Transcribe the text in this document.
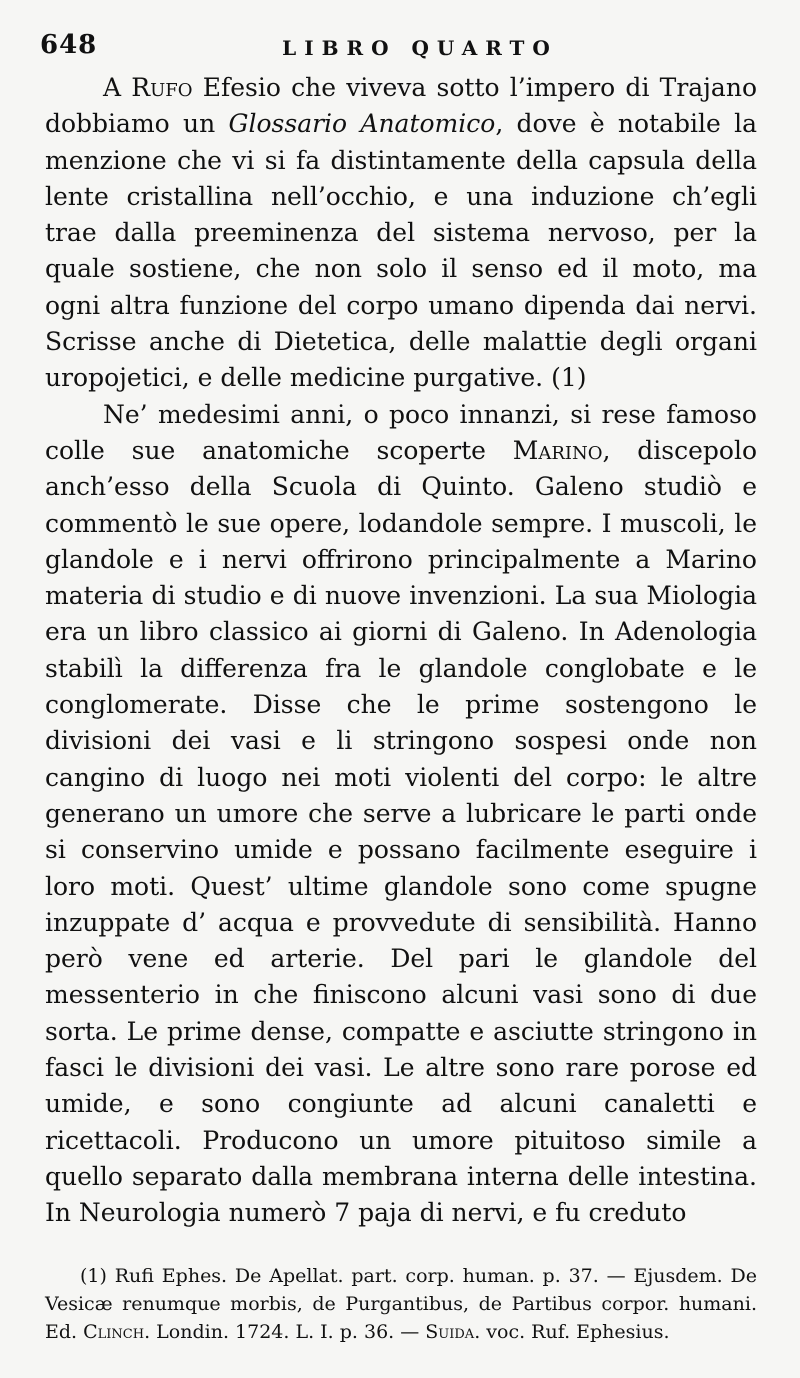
648	LIBRO QUARTO

A Rufo Efesio che viveva sotto l’impero di Trajano dobbiamo un Glossario Anatomico, dove è notabile la menzione che vi si fa distintamente della capsula della lente cristallina nell’occhio, e una induzione ch’egli trae dalla preeminenza del sistema nervoso, per la quale sostiene, che non solo il senso ed il moto, ma ogni altra funzione del corpo umano dipenda dai nervi. Scrisse anche di Dietetica, delle malattie degli organi uropojetici, e delle medicine purgative. (1)

Ne’ medesimi anni, o poco innanzi, si rese famoso colle sue anatomiche scoperte Marino, discepolo anch’esso della Scuola di Quinto. Galeno studiò e commentò le sue opere, lodandole sempre. I muscoli, le glandole e i nervi offrirono principalmente a Marino materia di studio e di nuove invenzioni. La sua Miologia era un libro classico ai giorni di Galeno. In Adenologia stabilì la differenza fra le glandole conglobate e le conglomerate. Disse che le prime sostengono le divisioni dei vasi e li stringono sospesi onde non cangino di luogo nei moti violenti del corpo: le altre generano un umore che serve a lubricare le parti onde si conservino umide e possano facilmente eseguire i loro moti. Quest’ ultime glandole sono come spugne inzuppate d’ acqua e provvedute di sensibilità. Hanno però vene ed arterie. Del pari le glandole del messenterio in che finiscono alcuni vasi sono di due sorta. Le prime dense, compatte e asciutte stringono in fasci le divisioni dei vasi. Le altre sono rare porose ed umide, e sono congiunte ad alcuni canaletti e ricettacoli. Producono un umore pituitoso simile a quello separato dalla membrana interna delle intestina. In Neurologia numerò 7 paja di nervi, e fu creduto

(1) Rufi Ephes. De Apellat. part. corp. human. p. 37. — Ejusdem. De Vesicæ renumque morbis, de Purgantibus, de Partibus corpor. humani. Ed. Clinch. Londin. 1724. L. I. p. 36. — Suida. voc. Ruf. Ephesius.
